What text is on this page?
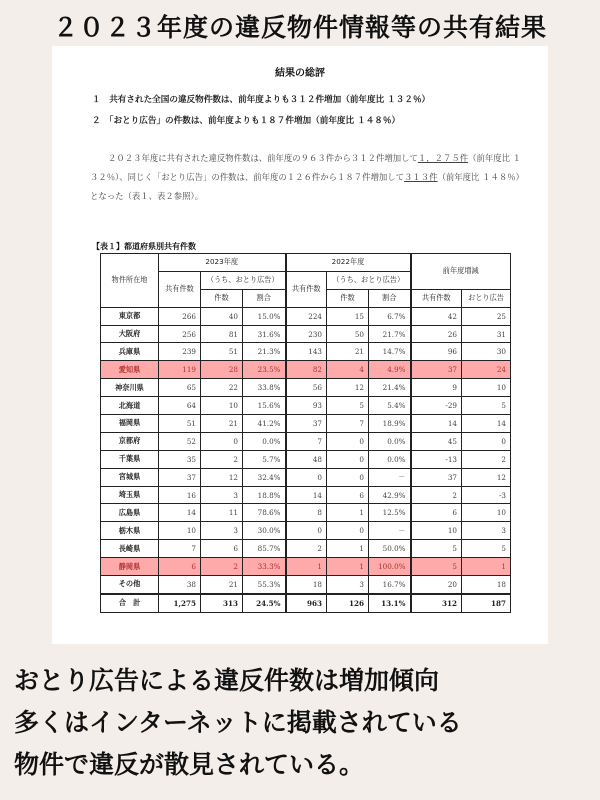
２０２３年度の違反物件情報等の共有結果
結果の総評
１　共有された全国の違反物件数は、前年度よりも３１２件増加（前年度比 １３２％）
２　「おとり広告」の件数は、前年度よりも１８７件増加（前年度比 １４８％）
２０２３年度に共有された違反物件数は、前年度の９６３件から３１２件増加して１，２７５件（前年度比 １３２％）、同じく「おとり広告」の件数は、前年度の１２６件から１８７件増加して３１３件（前年度比 １４８％）となった（表１、表２参照）。
【表１】都道府県別共有件数
物件所在地	2023年度			2022年度			前年度増減	
	共有件数	（うち、おとり広告）		共有件数	（うち、おとり広告）			
		件数	割合		件数	割合	共有件数	おとり広告
東京都	266	40	15.0%	224	15	6.7%	42	25
大阪府	256	81	31.6%	230	50	21.7%	26	31
兵庫県	239	51	21.3%	143	21	14.7%	96	30
愛知県	119	28	23.5%	82	4	4.9%	37	24
神奈川県	65	22	33.8%	56	12	21.4%	9	10
北海道	64	10	15.6%	93	5	5.4%	-29	5
福岡県	51	21	41.2%	37	7	18.9%	14	14
京都府	52	0	0.0%	7	0	0.0%	45	0
千葉県	35	2	5.7%	48	0	0.0%	-13	2
宮城県	37	12	32.4%	0	0	－	37	12
埼玉県	16	3	18.8%	14	6	42.9%	2	-3
広島県	14	11	78.6%	8	1	12.5%	6	10
栃木県	10	3	30.0%	0	0	－	10	3
長崎県	7	6	85.7%	2	1	50.0%	5	5
静岡県	6	2	33.3%	1	1	100.0%	5	1
その他	38	21	55.3%	18	3	16.7%	20	18
合　計	1,275	313	24.5%	963	126	13.1%	312	187
おとり広告による違反件数は増加傾向
多くはインターネットに掲載されている
物件で違反が散見されている。
